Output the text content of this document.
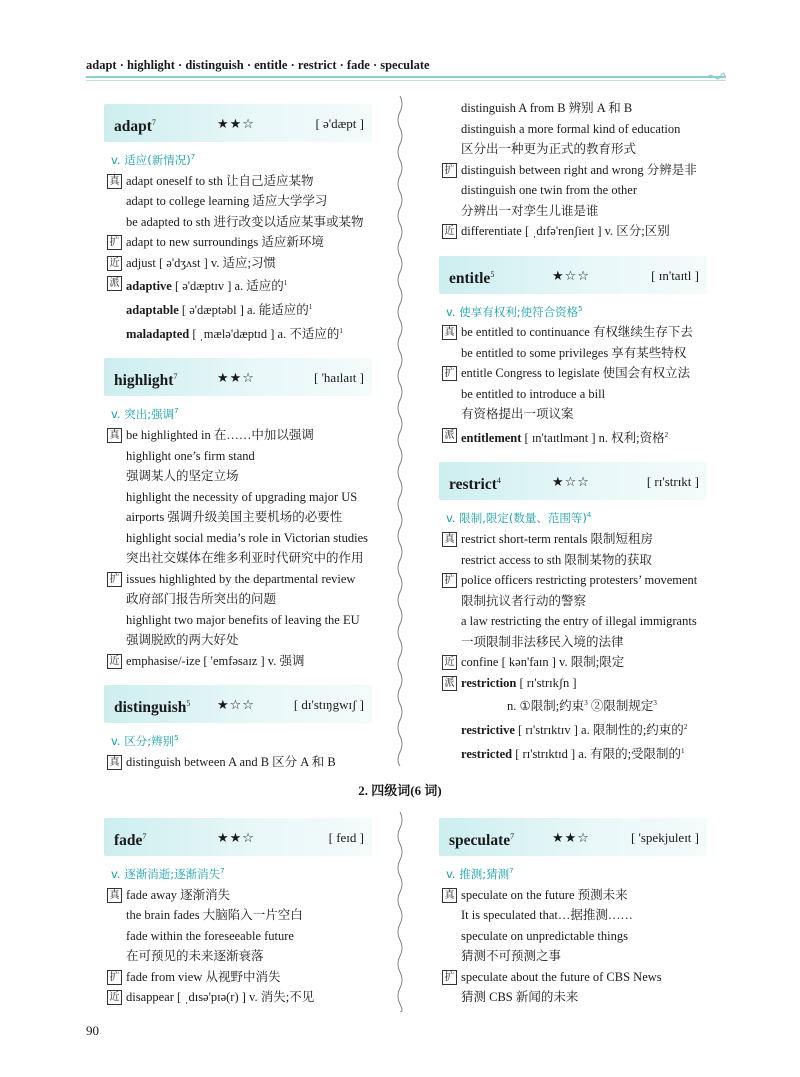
adapt · highlight · distinguish · entitle · restrict · fade · speculate
adapt$^7$	★★☆	[ ə'dæpt ]
v. 适应(新情况)$^7$
真 adapt oneself to sth 让自己适应某物
adapt to college learning 适应大学学习
be adapted to sth 进行改变以适应某事或某物
扩 adapt to new surroundings 适应新环境
近 adjust [ ə'dʒʌst ] v. 适应;习惯
派 adaptive [ ə'dæptɪv ] a. 适应的$^1$
adaptable [ ə'dæptəbl ] a. 能适应的$^1$
maladapted [ ˌmælə'dæptɪd ] a. 不适应的$^1$
highlight$^7$	★★☆	[ 'haɪlaɪt ]
v. 突出;强调$^7$
真 be highlighted in 在……中加以强调
highlight one’s firm stand
强调某人的坚定立场
highlight the necessity of upgrading major US
airports 强调升级美国主要机场的必要性
highlight social media’s role in Victorian studies
突出社交媒体在维多利亚时代研究中的作用
扩 issues highlighted by the departmental review
政府部门报告所突出的问题
highlight two major benefits of leaving the EU
强调脱欧的两大好处
近 emphasise/-ize [ 'emfəsaɪz ] v. 强调
distinguish$^5$ ★☆☆	[ dɪ'stɪŋgwɪʃ ]
v. 区分;辨别$^5$
真 distinguish between A and B 区分 A 和 B
distinguish A from B 辨别 A 和 B
distinguish a more formal kind of education
区分出一种更为正式的教育形式
扩 distinguish between right and wrong 分辨是非
distinguish one twin from the other
分辨出一对孪生儿谁是谁
近 differentiate [ ˌdɪfə'renʃieɪt ] v. 区分;区别
entitle$^5$	★☆☆	[ ɪn'taɪtl ]
v. 使享有权利;使符合资格$^5$
真 be entitled to continuance 有权继续生存下去
be entitled to some privileges 享有某些特权
扩 entitle Congress to legislate 使国会有权立法
be entitled to introduce a bill
有资格提出一项议案
派 entitlement [ ɪn'taɪtlmənt ] n. 权利;资格$^2$
restrict$^4$	★☆☆	[ rɪ'strɪkt ]
v. 限制,限定(数量、范围等)$^4$
真 restrict short-term rentals 限制短租房
restrict access to sth 限制某物的获取
扩 police officers restricting protesters’ movement
限制抗议者行动的警察
a law restricting the entry of illegal immigrants
一项限制非法移民入境的法律
近 confine [ kən'faɪn ] v. 限制;限定
派 restriction [ rɪ'strɪkʃn ]
n. ①限制;约束$^3$ ②限制规定$^3$
restrictive [ rɪ'strɪktɪv ] a. 限制性的;约束的$^2$
restricted [ rɪ'strɪktɪd ] a. 有限的;受限制的$^1$
2. 四级词(6 词)
fade$^7$	★★☆	[ feɪd ]
v. 逐渐消逝;逐渐消失$^7$
真 fade away 逐渐消失
the brain fades 大脑陷入一片空白
fade within the foreseeable future
在可预见的未来逐渐衰落
扩 fade from view 从视野中消失
近 disappear [ ˌdɪsə'pɪə(r) ] v. 消失;不见
speculate$^7$	★★☆	[ 'spekjuleɪt ]
v. 推测;猜测$^7$
真 speculate on the future 预测未来
It is speculated that…据推测……
speculate on unpredictable things
猜测不可预测之事
扩 speculate about the future of CBS News
猜测 CBS 新闻的未来
90
